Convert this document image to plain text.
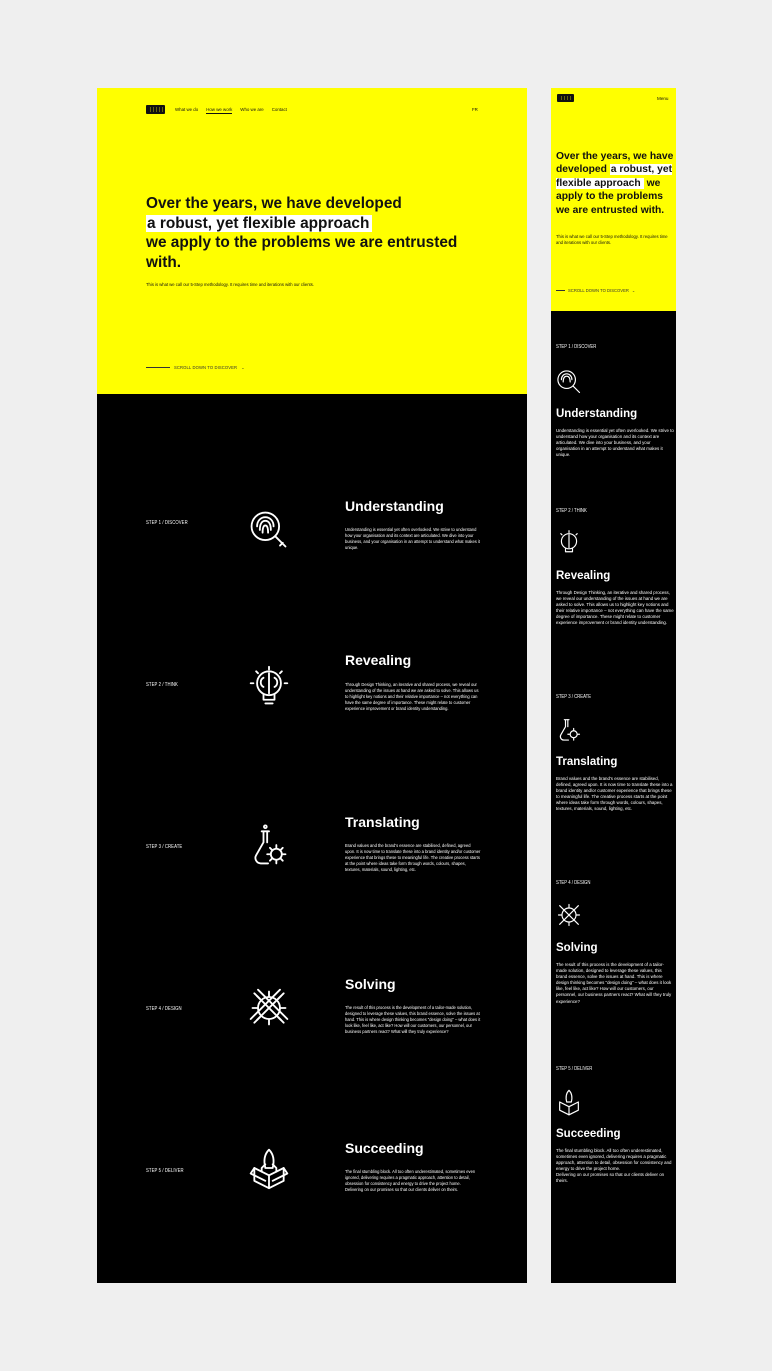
What we do How we work Who we are Contact	FR
Over the years, we have developed
a robust, yet flexible approach
we apply to the problems we are entrusted with.
This is what we call our 5-Step methodology. It requires time and iterations with our clients.
SCROLL DOWN TO DISCOVER ⌄
STEP 1 / DISCOVER
Understanding
Understanding is essential yet often overlooked. We strive to understand how your organisation and its context are articulated. We dive into your business, and your organisation in an attempt to understand what makes it unique.
STEP 2 / THINK
Revealing
Through Design Thinking, an iterative and shared process, we reveal our understanding of the issues at hand we are asked to solve. This allows us to highlight key notions and their relative importance – not everything can have the same degree of importance. These might relate to customer experience improvement or brand identity understanding.
STEP 3 / CREATE
Translating
Brand values and the brand's essence are stabilised, defined, agreed upon. It is now time to translate these into a brand identity and/or customer experience that brings these to meaningful life. The creative process starts at the point where ideas take form through words, colours, shapes, textures, materials, sound, lighting, etc.
STEP 4 / DESIGN
Solving
The result of this process is the development of a tailor-made solution, designed to leverage these values, this brand essence, solve the issues at hand. This is where design thinking becomes "design doing" – what does it look like, feel like, act like? How will our customers, our personnel, our business partners react? What will they truly experience?
STEP 5 / DELIVER
Succeeding
The final stumbling block. All too often underestimated, sometimes even ignored, delivering requires a pragmatic approach, attention to detail, obsession for consistency and energy to drive the project home.
Delivering on our promises so that our clients deliver on theirs.
Menu
Over the years, we have developed a robust, yet flexible approach we apply to the problems we are entrusted with.
This is what we call our 5-Step methodology. It requires time and iterations with our clients.
SCROLL DOWN TO DISCOVER ⌄
STEP 1 / DISCOVER
Understanding
Understanding is essential yet often overlooked. We strive to understand how your organisation and its context are articulated. We dive into your business, and your organisation in an attempt to understand what makes it unique.
STEP 2 / THINK
Revealing
Through Design Thinking, an iterative and shared process, we reveal our understanding of the issues at hand we are asked to solve. This allows us to highlight key notions and their relative importance – not everything can have the same degree of importance. These might relate to customer experience improvement or brand identity understanding.
STEP 3 / CREATE
Translating
Brand values and the brand's essence are stabilised, defined, agreed upon. It is now time to translate these into a brand identity and/or customer experience that brings these to meaningful life. The creative process starts at the point where ideas take form through words, colours, shapes, textures, materials, sound, lighting, etc.
STEP 4 / DESIGN
Solving
The result of this process is the development of a tailor-made solution, designed to leverage these values, this brand essence, solve the issues at hand. This is where design thinking becomes "design doing" – what does it look like, feel like, act like? How will our customers, our personnel, our business partners react? What will they truly experience?
STEP 5 / DELIVER
Succeeding
The final stumbling block. All too often underestimated, sometimes even ignored, delivering requires a pragmatic approach, attention to detail, obsession for consistency and energy to drive the project home.
Delivering on our promises so that our clients deliver on theirs.
